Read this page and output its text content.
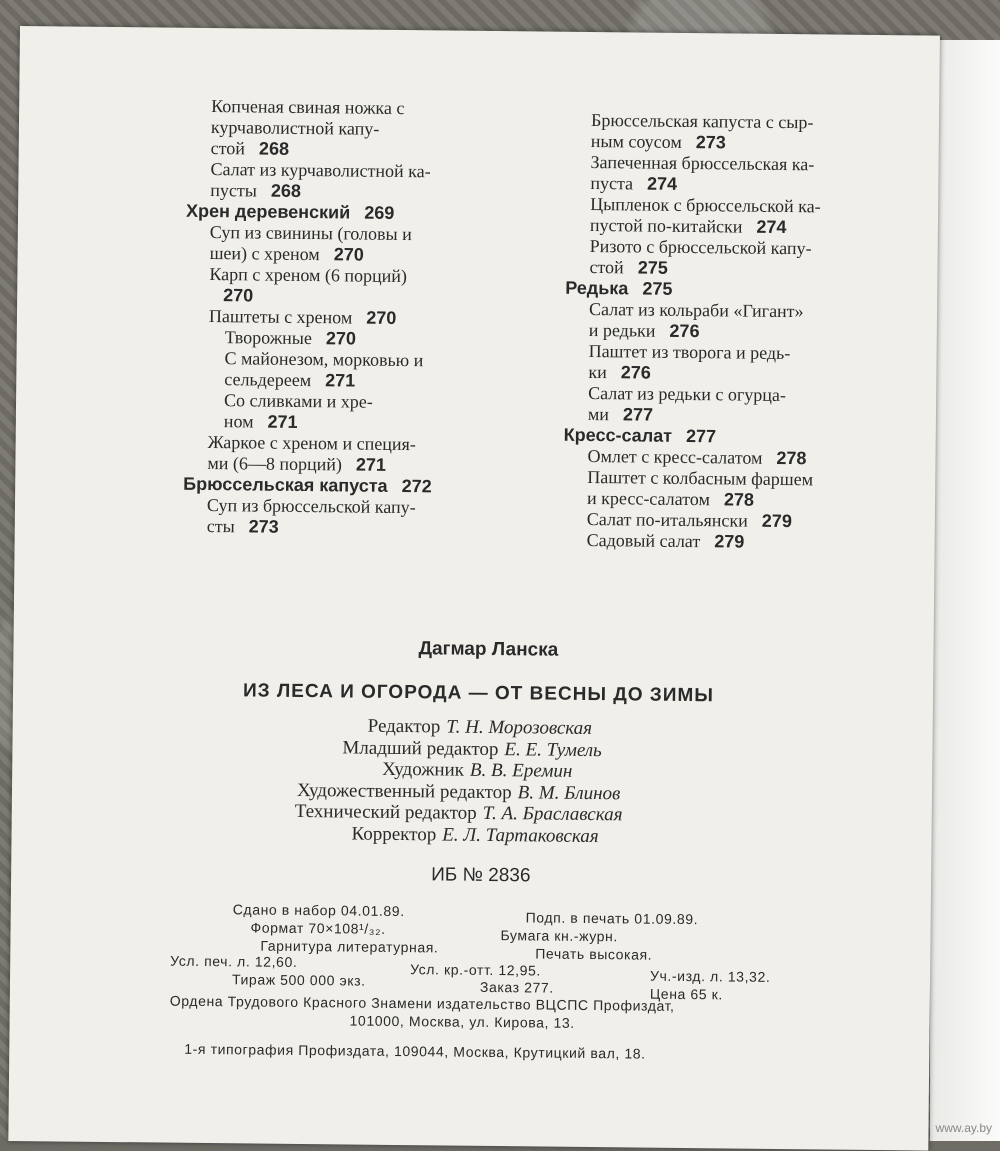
Копченая свиная ножка с
курчаволистной капу-
стой 268
Салат из курчаволистной ка-
пусты 268
Хрен деревенский 269
Суп из свинины (головы и
шеи) с хреном 270
Карп с хреном (6 порций)
270
Паштеты с хреном 270
Творожные 270
С майонезом, морковью и
сельдереем 271
Со сливками и хре-
ном 271
Жаркое с хреном и специя-
ми (6—8 порций) 271
Брюссельская капуста 272
Суп из брюссельской капу-
сты 273
Брюссельская капуста с сыр-
ным соусом 273
Запеченная брюссельская ка-
пуста 274
Цыпленок с брюссельской ка-
пустой по-китайски 274
Ризото с брюссельской капу-
стой 275
Редька 275
Салат из кольраби «Гигант»
и редьки 276
Паштет из творога и редь-
ки 276
Салат из редьки с огурца-
ми 277
Кресс-салат 277
Омлет с кресс-салатом 278
Паштет с колбасным фаршем
и кресс-салатом 278
Салат по-итальянски 279
Садовый салат 279
Дагмар Ланска
ИЗ ЛЕСА И ОГОРОДА — ОТ ВЕСНЫ ДО ЗИМЫ
Редактор Т. Н. Морозовская
Младший редактор Е. Е. Тумель
Художник В. В. Еремин
Художественный редактор В. М. Блинов
Технический редактор Т. А. Браславская
Корректор Е. Л. Тартаковская
ИБ № 2836
Сдано в набор 04.01.89.	Подп. в печать 01.09.89.
Формат 70×108¹/₃₂.	Бумага кн.-журн.
Гарнитура литературная.	Печать высокая.
Усл. печ. л. 12,60.	Усл. кр.-отт. 12,95.	Уч.-изд. л. 13,32.
Тираж 500 000 экз.	Заказ 277.	Цена 65 к.
Ордена Трудового Красного Знамени издательство ВЦСПС Профиздат,
101000, Москва, ул. Кирова, 13.
1-я типография Профиздата, 109044, Москва, Крутицкий вал, 18.
www.ay.by
